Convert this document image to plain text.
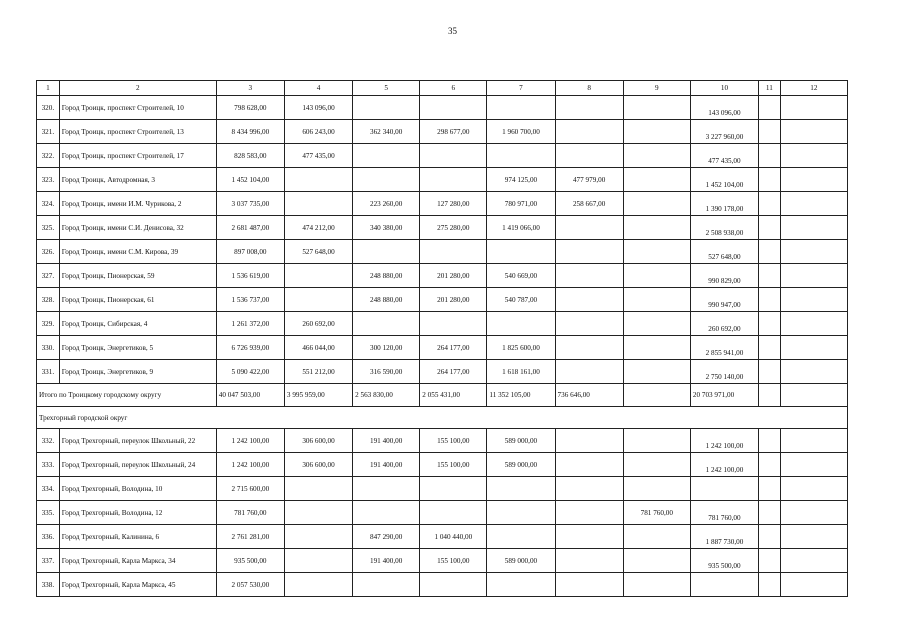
35
1	2	3	4	5	6	7	8	9	10	11	12
320.	Город Троицк, проспект Строителей, 10	798 628,00	143 096,00						143 096,00		
321.	Город Троицк, проспект Строителей, 13	8 434 996,00	606 243,00	362 340,00	298 677,00	1 960 700,00			3 227 960,00		
322.	Город Троицк, проспект Строителей, 17	828 583,00	477 435,00						477 435,00		
323.	Город Троицк, Автодромная, 3	1 452 104,00				974 125,00	477 979,00		1 452 104,00		
324.	Город Троицк, имени И.М. Чурикова, 2	3 037 735,00		223 260,00	127 280,00	780 971,00	258 667,00		1 390 178,00		
325.	Город Троицк, имени С.И. Денисова, 32	2 681 487,00	474 212,00	340 380,00	275 280,00	1 419 066,00			2 508 938,00		
326.	Город Троицк, имени С.М. Кирова, 39	897 008,00	527 648,00						527 648,00		
327.	Город Троицк, Пионерская, 59	1 536 619,00		248 880,00	201 280,00	540 669,00			990 829,00		
328.	Город Троицк, Пионерская, 61	1 536 737,00		248 880,00	201 280,00	540 787,00			990 947,00		
329.	Город Троицк, Сибирская, 4	1 261 372,00	260 692,00						260 692,00		
330.	Город Троицк, Энергетиков, 5	6 726 939,00	466 044,00	300 120,00	264 177,00	1 825 600,00			2 855 941,00		
331.	Город Троицк, Энергетиков, 9	5 090 422,00	551 212,00	316 590,00	264 177,00	1 618 161,00			2 750 140,00		
Итого по Троицкому городскому округу		40 047 503,00	3 995 959,00	2 563 830,00	2 055 431,00	11 352 105,00	736 646,00		20 703 971,00		
Трехгорный городской округ											
332.	Город Трехгорный, переулок Школьный, 22	1 242 100,00	306 600,00	191 400,00	155 100,00	589 000,00			1 242 100,00		
333.	Город Трехгорный, переулок Школьный, 24	1 242 100,00	306 600,00	191 400,00	155 100,00	589 000,00			1 242 100,00		
334.	Город Трехгорный, Володина, 10	2 715 600,00									
335.	Город Трехгорный, Володина, 12	781 760,00						781 760,00	781 760,00		
336.	Город Трехгорный, Калинина, 6	2 761 281,00		847 290,00	1 040 440,00				1 887 730,00		
337.	Город Трехгорный, Карла Маркса, 34	935 500,00		191 400,00	155 100,00	589 000,00			935 500,00		
338.	Город Трехгорный, Карла Маркса, 45	2 057 530,00									
